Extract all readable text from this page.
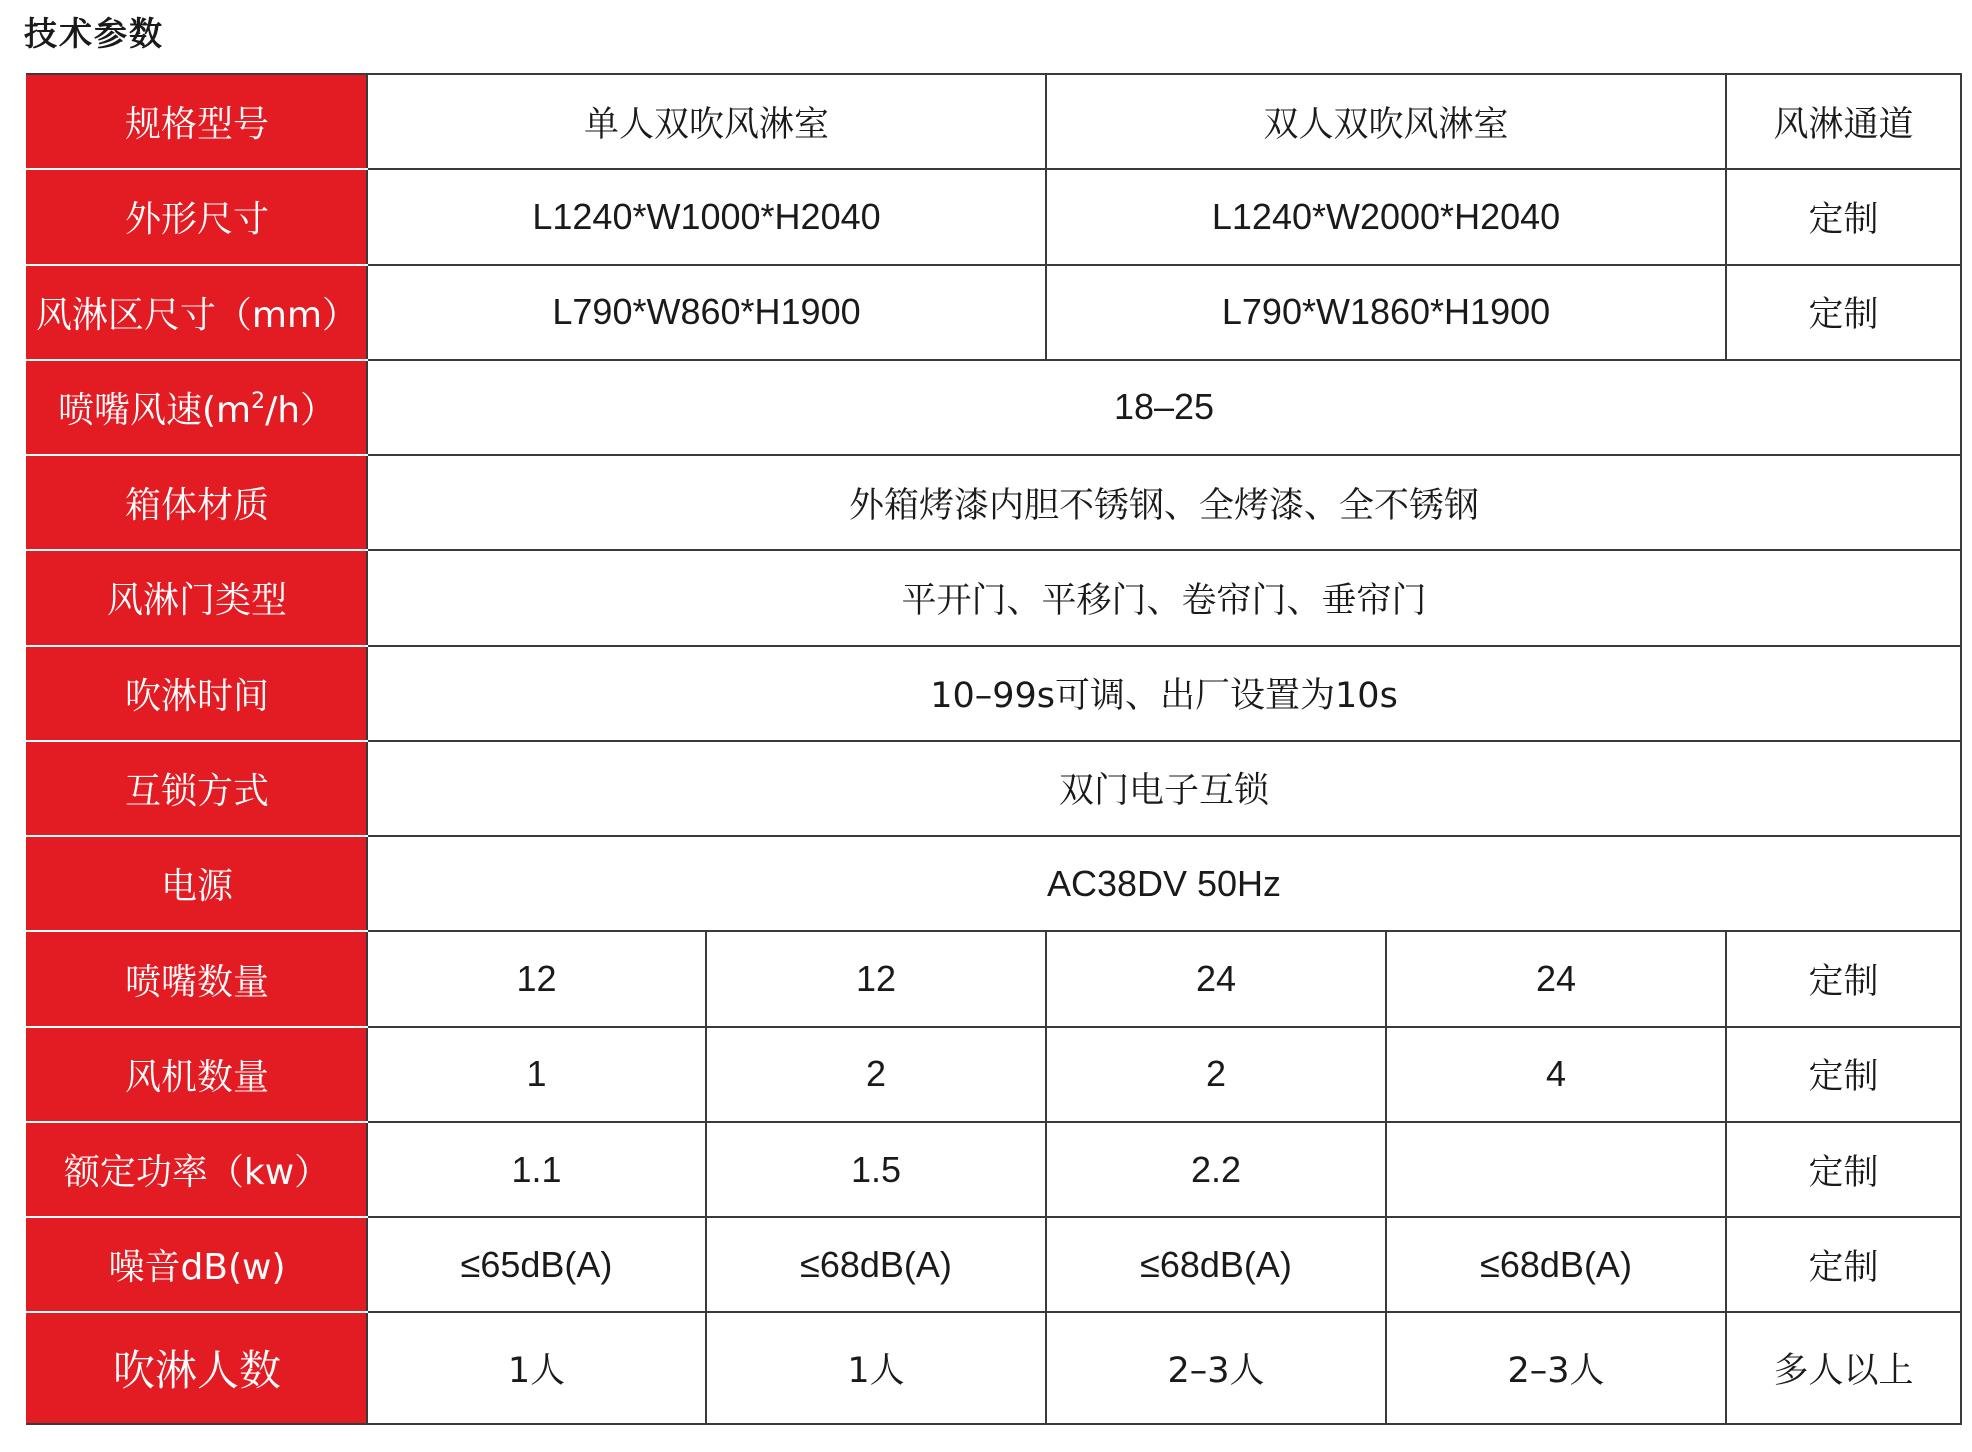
技术参数
规格型号	单人双吹风淋室		双人双吹风淋室		风淋通道
外形尺寸	L1240*W1000*H2040		L1240*W2000*H2040		定制
风淋区尺寸（mm）	L790*W860*H1900		L790*W1860*H1900		定制
喷嘴风速$(m^2/h)$	18–25				
箱体材质	外箱烤漆内胆不锈钢、全烤漆、全不锈钢				
风淋门类型	平开门、平移门、卷帘门、垂帘门				
吹淋时间	10–99s可调、出厂设置为10s				
互锁方式	双门电子互锁				
电源	AC38DV 50Hz				
喷嘴数量	12	12	24	24	定制
风机数量	1	2	2	4	定制
额定功率（kw）	1.1	1.5	2.2		定制
噪音dB(w)	≤65dB(A)	≤68dB(A)	≤68dB(A)	≤68dB(A)	定制
吹淋人数	1人	1人	2–3人	2–3人	多人以上
